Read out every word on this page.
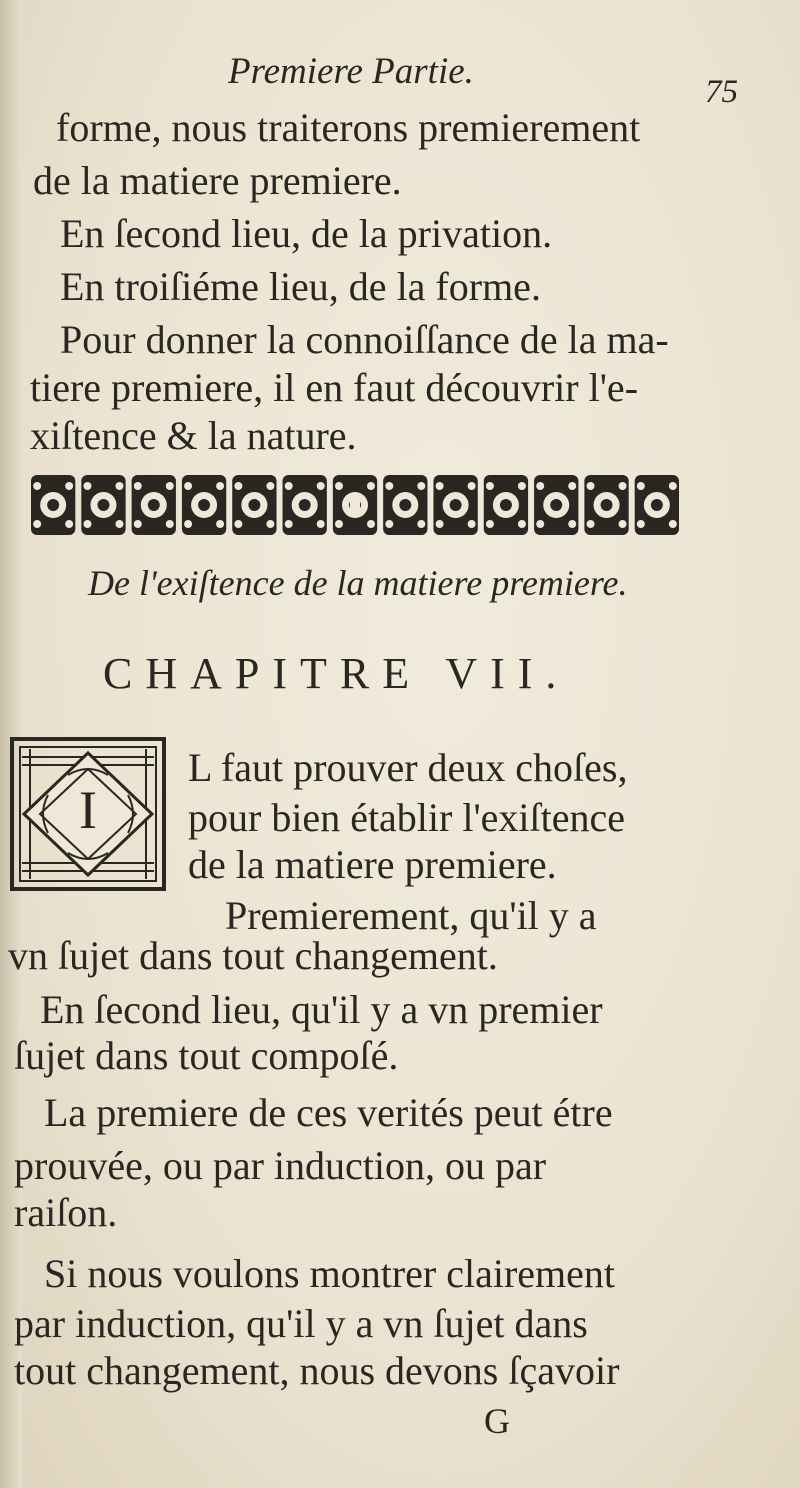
Premiere Partie.	75
forme, nous traiterons premierement
de la matiere premiere.
En ſecond lieu, de la privation.
En troiſiéme lieu, de la forme.
Pour donner la connoiſſance de la ma-
tiere premiere, il en faut découvrir l'e-
xiſtence & la nature.
De l'exiſtence de la matiere premiere.
CHAPITRE VII.
I
L faut prouver deux choſes,
pour bien établir l'exiſtence
de la matiere premiere.
Premierement, qu'il y a
vn ſujet dans tout changement.
En ſecond lieu, qu'il y a vn premier
ſujet dans tout compoſé.
La premiere de ces verités peut étre
prouvée, ou par induction, ou par
raiſon.
Si nous voulons montrer clairement
par induction, qu'il y a vn ſujet dans
tout changement, nous devons ſçavoir
G
